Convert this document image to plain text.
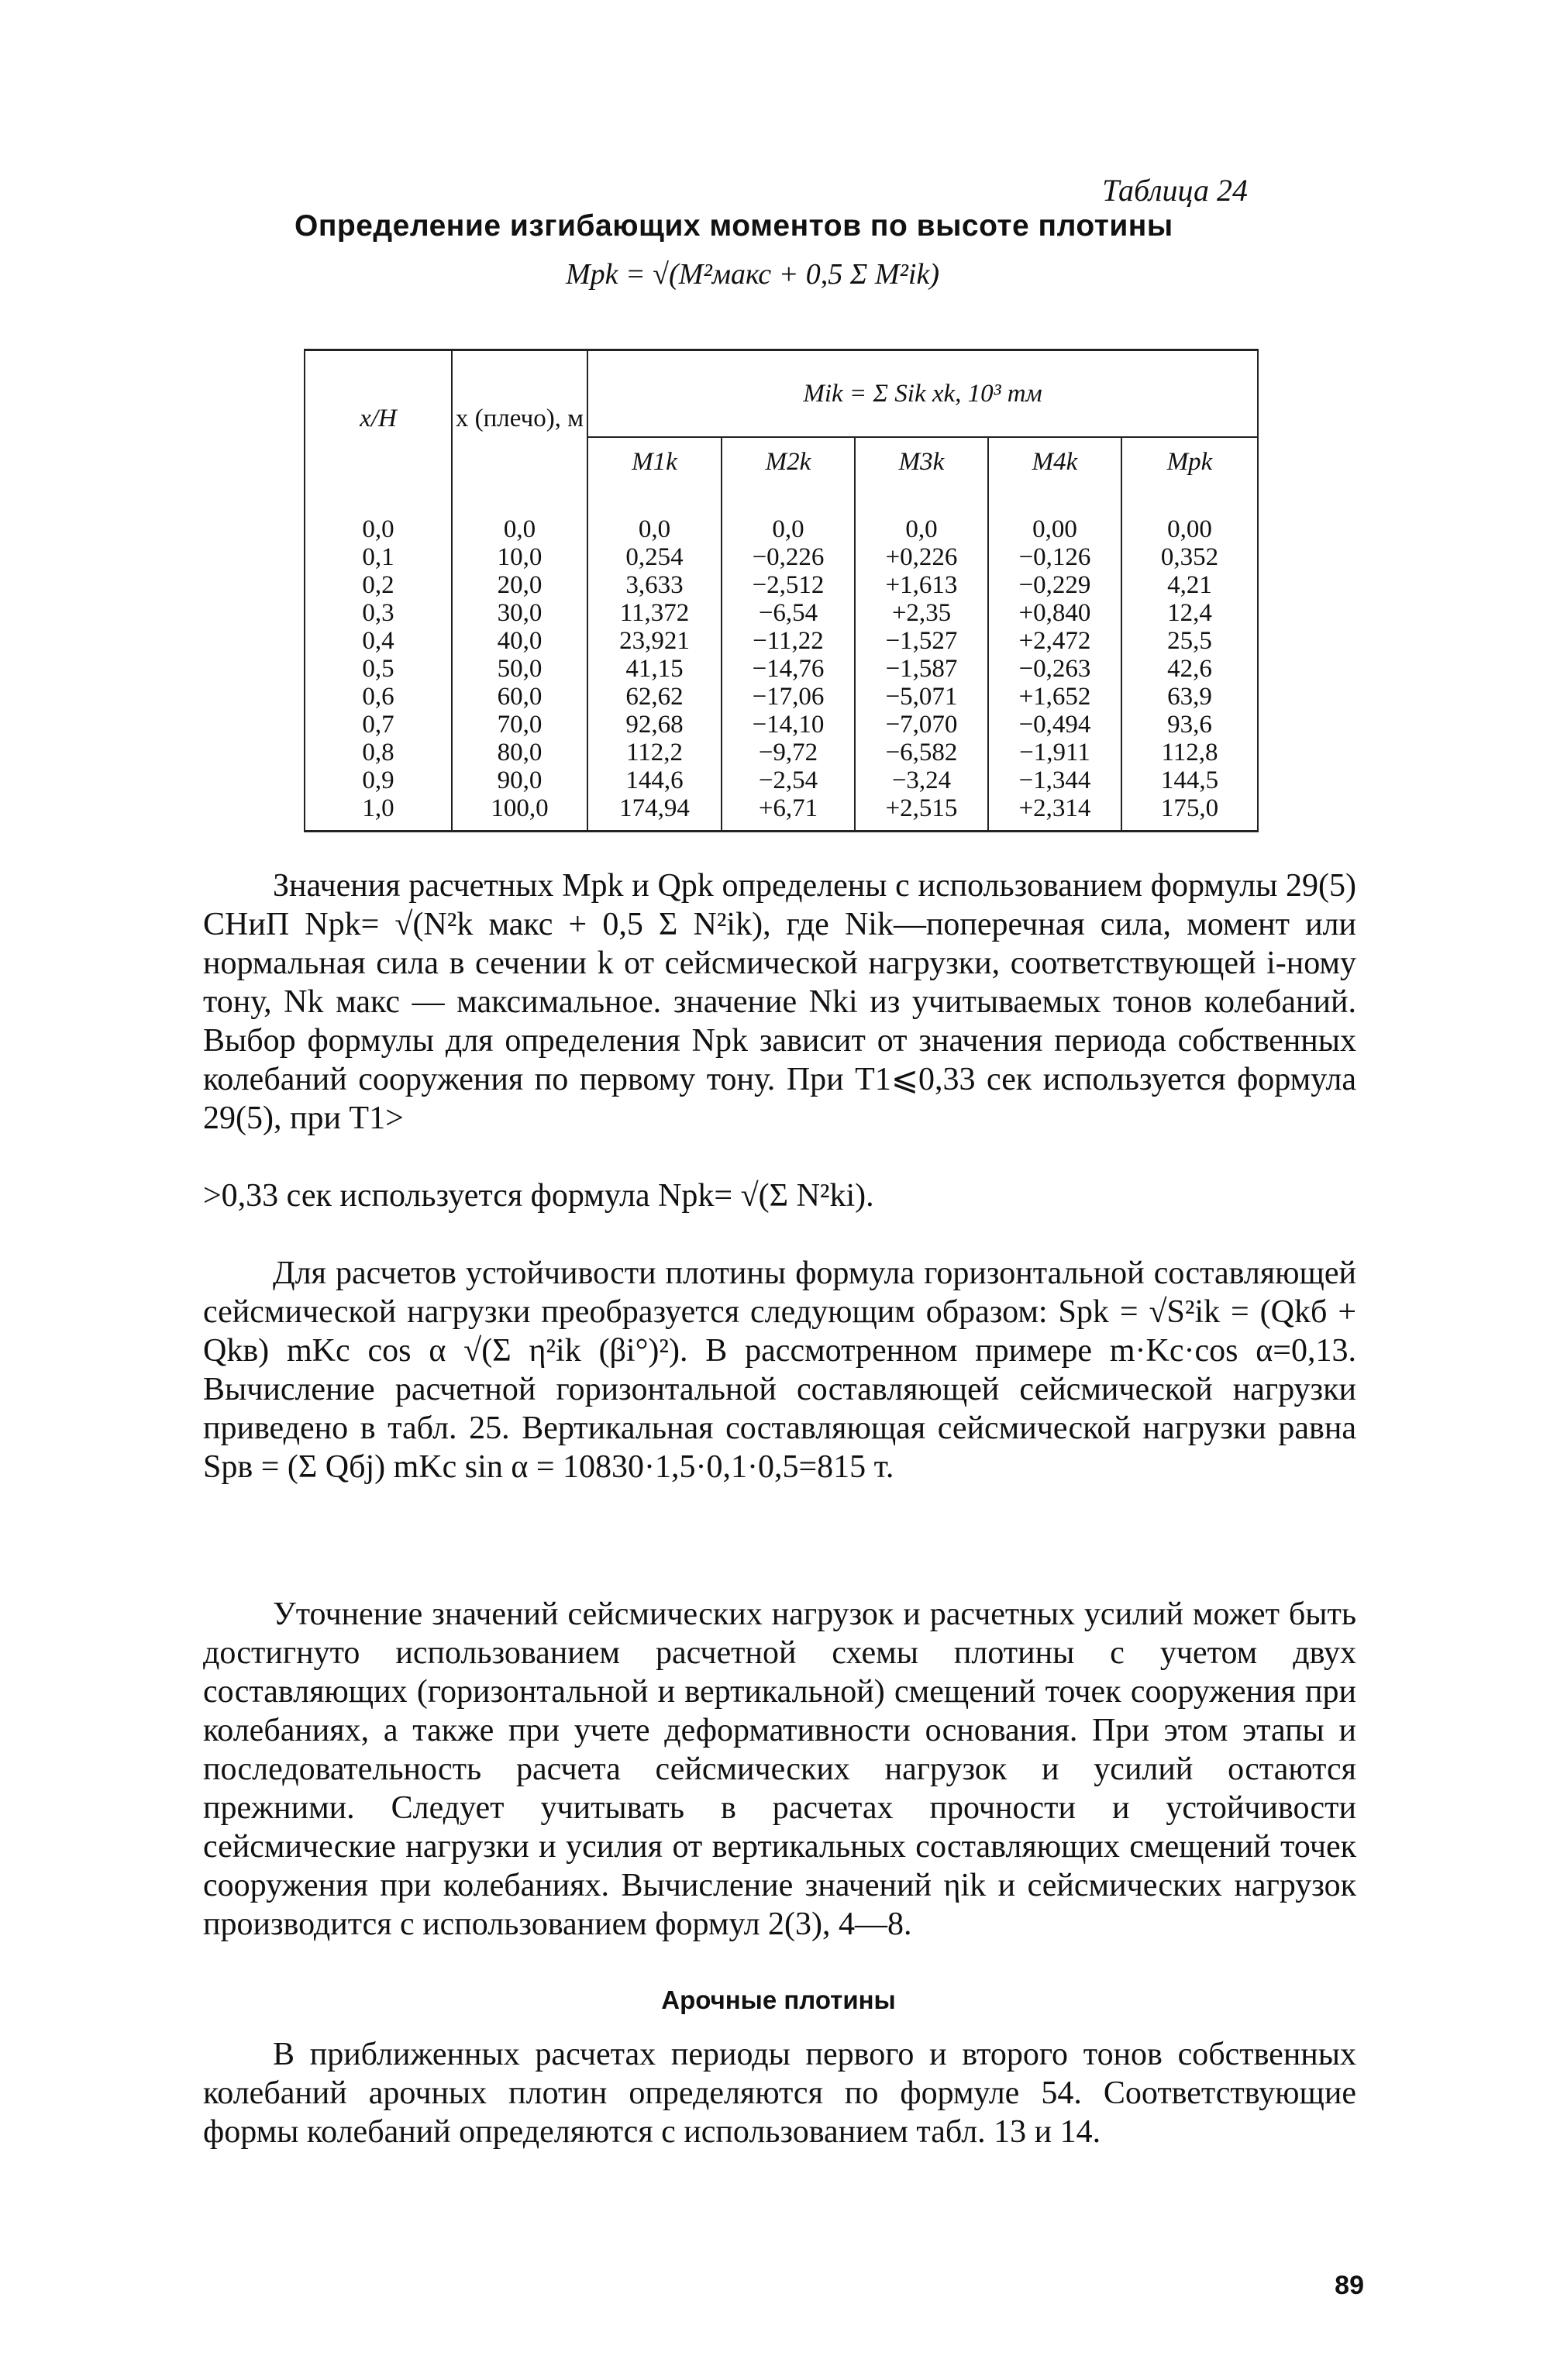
Таблица 24
Определение изгибающих моментов по высоте плотины
Mpk = √(M²макс + 0,5 Σ M²ik)
x/H	x (плечо), м	Mik = Σ Sik xk, 10³ тм				
		M1k	M2k	M3k	M4k	Mpk
0,0	0,0	0,0	0,0	0,0	0,00	0,00
0,1	10,0	0,254	−0,226	+0,226	−0,126	0,352
0,2	20,0	3,633	−2,512	+1,613	−0,229	4,21
0,3	30,0	11,372	−6,54	+2,35	+0,840	12,4
0,4	40,0	23,921	−11,22	−1,527	+2,472	25,5
0,5	50,0	41,15	−14,76	−1,587	−0,263	42,6
0,6	60,0	62,62	−17,06	−5,071	+1,652	63,9
0,7	70,0	92,68	−14,10	−7,070	−0,494	93,6
0,8	80,0	112,2	−9,72	−6,582	−1,911	112,8
0,9	90,0	144,6	−2,54	−3,24	−1,344	144,5
1,0	100,0	174,94	+6,71	+2,515	+2,314	175,0
Значения расчетных Mpk и Qpk определены с использованием формулы 29(5) СНиП Npk= √(N²k макс + 0,5 Σ N²ik), где Nik—поперечная сила, момент или нормальная сила в сечении k от сейсмической нагрузки, соответствующей i-ному тону, Nk макс — максимальное. значение Nki из учитываемых тонов колебаний. Выбор формулы для определения Npk зависит от значения периода собственных колебаний сооружения по первому тону. При T1⩽0,33 сек используется формула 29(5), при T1>
>0,33 сек используется формула Npk= √(Σ N²ki).
Для расчетов устойчивости плотины формула горизонтальной составляющей сейсмической нагрузки преобразуется следующим образом: Spk = √S²ik = (Qkб + Qkв) mKc cos α √(Σ η²ik (βi°)²). В рассмотренном примере m·Kc·cos α=0,13. Вычисление расчетной горизонтальной составляющей сейсмической нагрузки приведено в табл. 25. Вертикальная составляющая сейсмической нагрузки равна Spв = (Σ Qбj) mKc sin α = 10830·1,5·0,1·0,5=815 т.
Уточнение значений сейсмических нагрузок и расчетных усилий может быть достигнуто использованием расчетной схемы плотины с учетом двух составляющих (горизонтальной и вертикальной) смещений точек сооружения при колебаниях, а также при учете деформативности основания. При этом этапы и последовательность расчета сейсмических нагрузок и усилий остаются прежними. Следует учитывать в расчетах прочности и устойчивости сейсмические нагрузки и усилия от вертикальных составляющих смещений точек сооружения при колебаниях. Вычисление значений ηik и сейсмических нагрузок производится с использованием формул 2(3), 4—8.
Арочные плотины
В приближенных расчетах периоды первого и второго тонов собственных колебаний арочных плотин определяются по формуле 54. Соответствующие формы колебаний определяются с использованием табл. 13 и 14.
89
